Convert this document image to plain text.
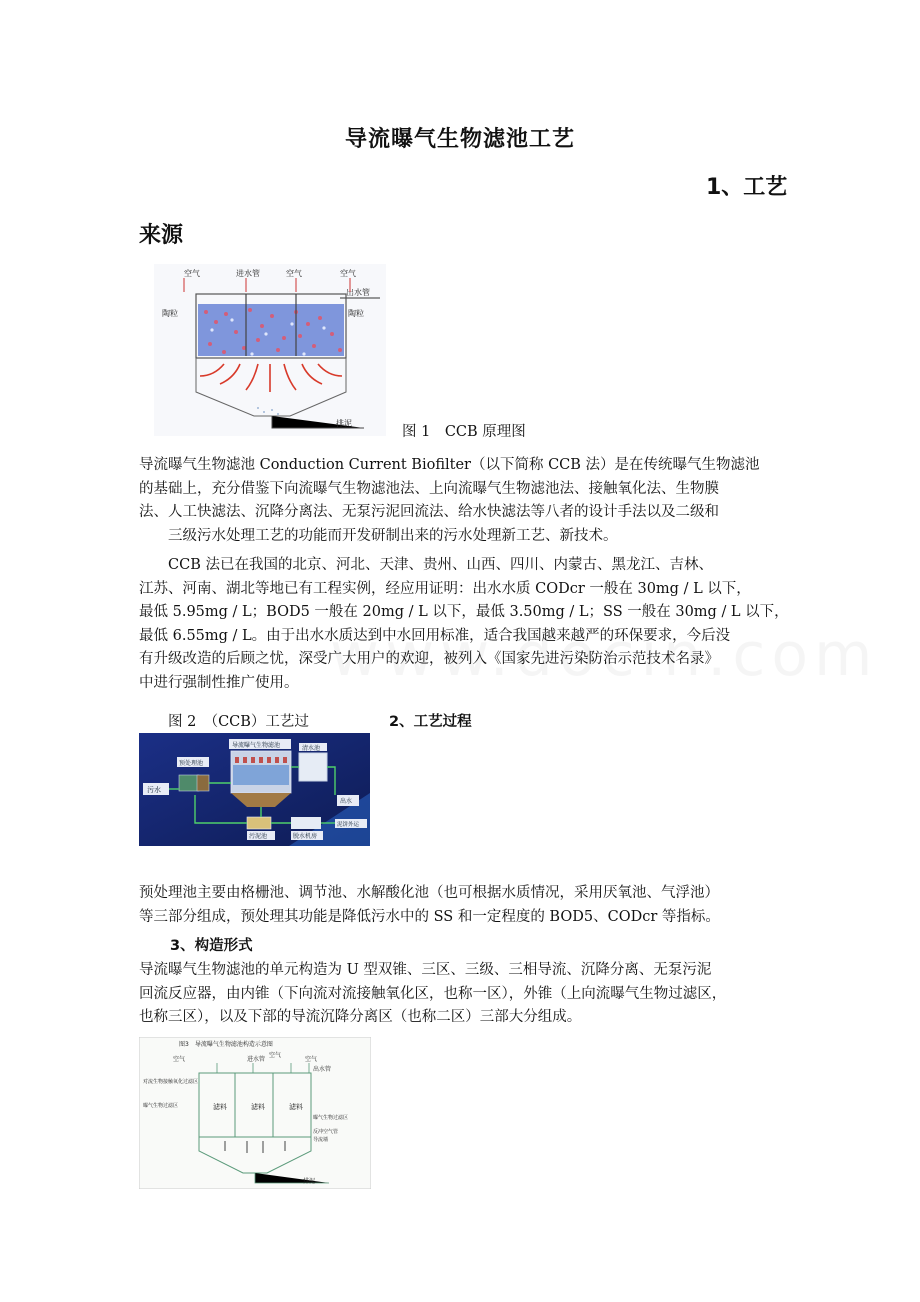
导流曝气生物滤池工艺
1、工艺
来源
空气	进水管	空气	空气
出水管
陶粒	陶粒
排泥
图 1　CCB 原理图

导流曝气生物滤池 Conduction Current Biofilter（以下简称 CCB 法）是在传统曝气生物滤池

的基础上，充分借鉴下向流曝气生物滤池法、上向流曝气生物滤池法、接触氧化法、生物膜

法、人工快滤法、沉降分离法、无泵污泥回流法、给水快滤法等八者的设计手法以及二级和

三级污水处理工艺的功能而开发研制出来的污水处理新工艺、新技术。

CCB 法已在我国的北京、河北、天津、贵州、山西、四川、内蒙古、黑龙江、吉林、

江苏、河南、湖北等地已有工程实例，经应用证明：出水水质 CODcr 一般在 30mg / L 以下，

最低 5.95mg / L；BOD5 一般在 20mg / L 以下，最低 3.50mg / L；SS 一般在 30mg / L 以下，

最低 6.55mg / L。由于出水水质达到中水回用标准，适合我国越来越严的环保要求，今后没

有升级改造的后顾之忧，深受广大用户的欢迎，被列入《国家先进污染防治示范技术名录》

中进行强制性推广使用。

图 2　（CCB）工艺过	2、工艺过程
导流曝气生物滤池
污水
预处理池
清水池
出水
污泥池	脱水机房
泥饼外运

预处理池主要由格栅池、调节池、水解酸化池（也可根据水质情况，采用厌氧池、气浮池）

等三部分组成，预处理其功能是降低污水中的 SS 和一定程度的 BOD5、CODcr 等指标。

3、构造形式

导流曝气生物滤池的单元构造为 U 型双锥、三区、三级、三相导流、沉降分离、无泵污泥

回流反应器，由内锥（下向流对流接触氧化区，也称一区），外锥（上向流曝气生物过滤区，

也称三区），以及下部的导流沉降分离区（也称二区）三部大分组成。

图3　导流曝气生物滤池构造示意图
空气	进水管
空气
空气
出水管
对流生物接触氧化过滤区
曝气生物过滤区	滤料	滤料	滤料
曝气生物过滤区
反冲空气管
导流墙
排泥
